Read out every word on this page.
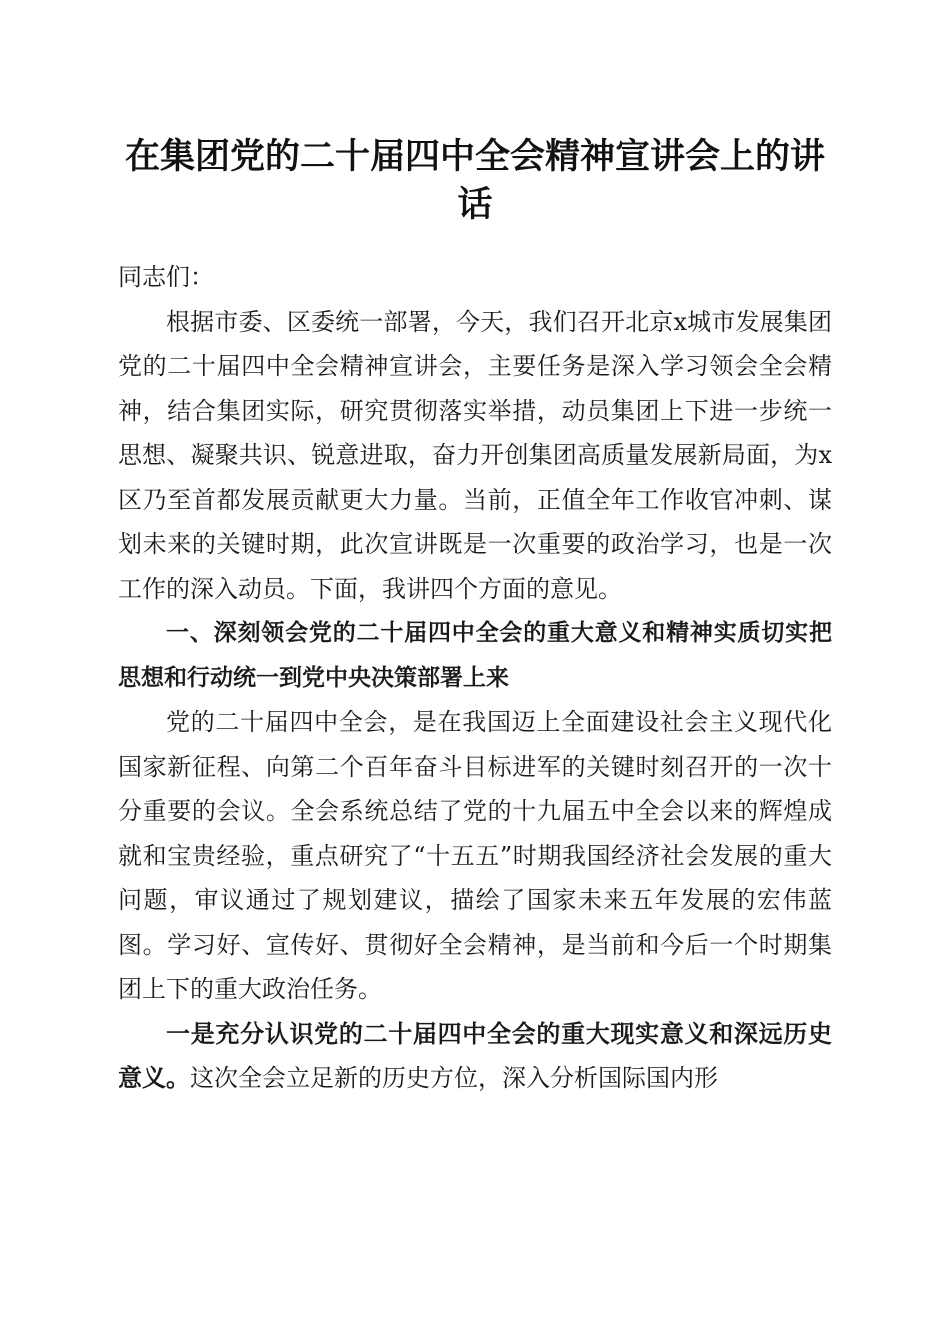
在集团党的二十届四中全会精神宣讲会上的讲话

同志们：

根据市委、区委统一部署，今天，我们召开北京x城市发展集团党的二十届四中全会精神宣讲会，主要任务是深入学习领会全会精神，结合集团实际，研究贯彻落实举措，动员集团上下进一步统一思想、凝聚共识、锐意进取，奋力开创集团高质量发展新局面，为x区乃至首都发展贡献更大力量。当前，正值全年工作收官冲刺、谋划未来的关键时期，此次宣讲既是一次重要的政治学习，也是一次工作的深入动员。下面，我讲四个方面的意见。

一、深刻领会党的二十届四中全会的重大意义和精神实质切实把思想和行动统一到党中央决策部署上来

党的二十届四中全会，是在我国迈上全面建设社会主义现代化国家新征程、向第二个百年奋斗目标进军的关键时刻召开的一次十分重要的会议。全会系统总结了党的十九届五中全会以来的辉煌成就和宝贵经验，重点研究了“十五五”时期我国经济社会发展的重大问题，审议通过了规划建议，描绘了国家未来五年发展的宏伟蓝图。学习好、宣传好、贯彻好全会精神，是当前和今后一个时期集团上下的重大政治任务。

一是充分认识党的二十届四中全会的重大现实意义和深远历史意义。这次全会立足新的历史方位，深入分析国际国内形
